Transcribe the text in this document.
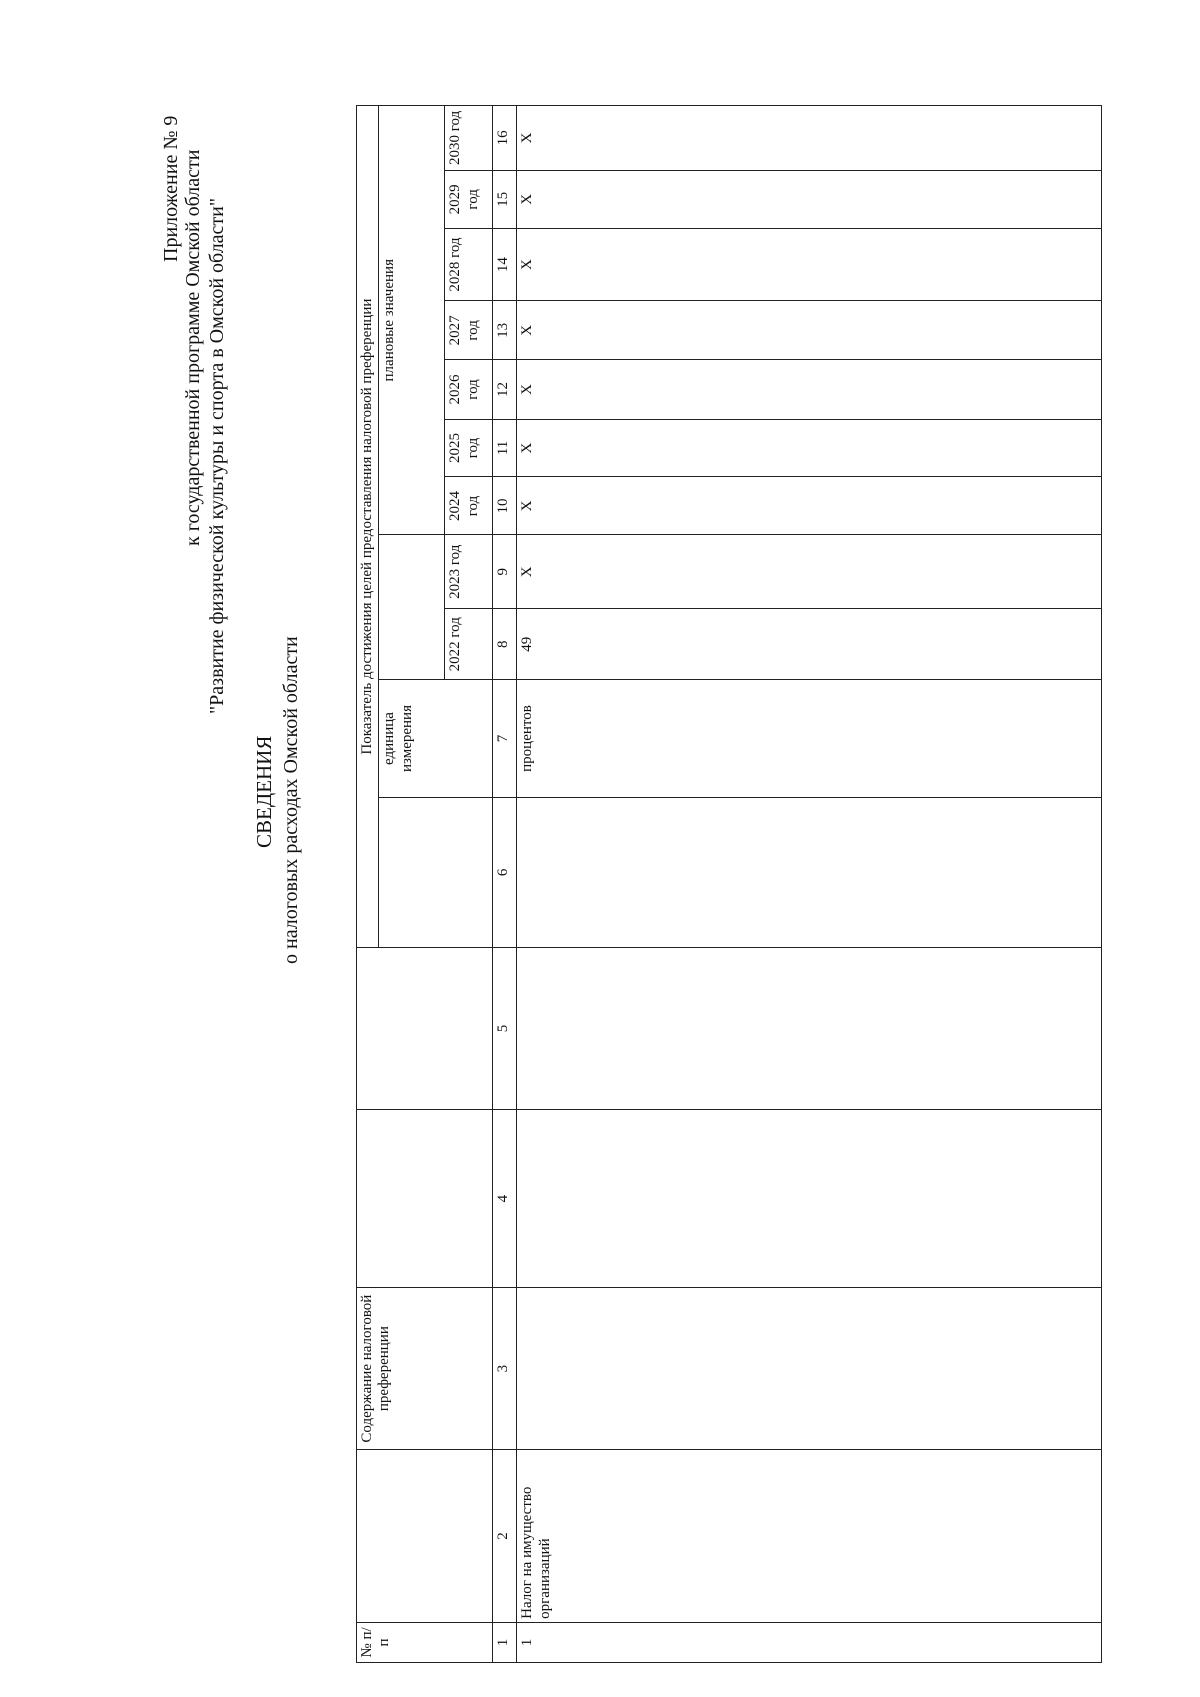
Приложение № 9 к государственной программе Омской области "Развитие физической культуры и спорта в Омской области"
СВЕДЕНИЯ о налоговых расходах Омской области
№ п/п		Содержание налоговой преференции			Показатель достижения целей предоставления налоговой преференции										
						единица измерения			плановые значения						
							2022 год	2023 год	2024 год	2025 год	2026 год	2027 год	2028 год	2029 год	2030 год
1	2	3	4	5	6	7	8	9	10	11	12	13	14	15	16
1	Налог на имущество организаций					процентов	49	X	X	X	X	X	X	X	X
